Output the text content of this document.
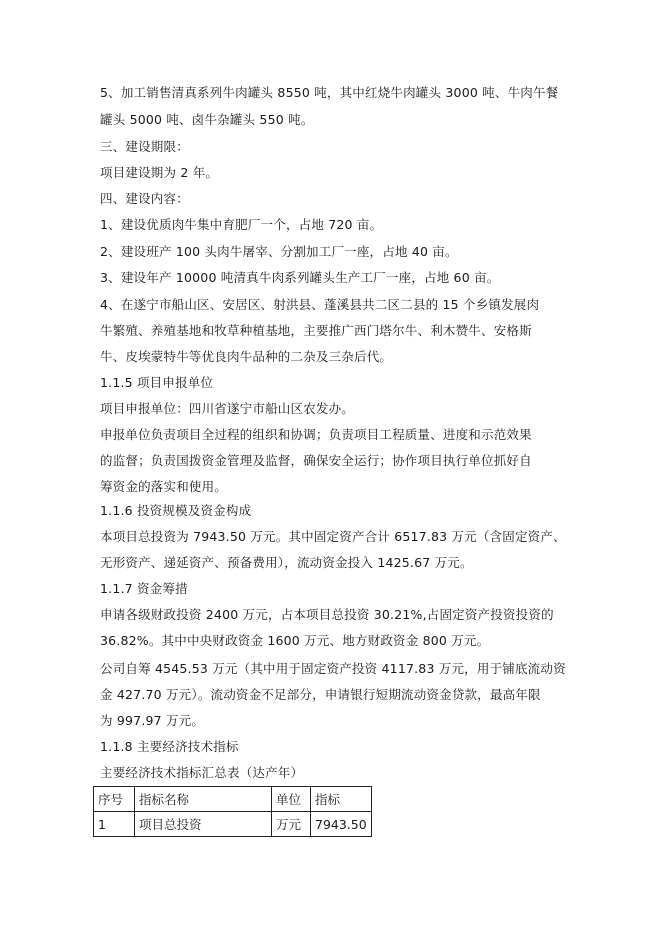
5、加工销售清真系列牛肉罐头 8550 吨，其中红烧牛肉罐头 3000 吨、牛肉午餐
罐头 5000 吨、卤牛杂罐头 550 吨。
三、建设期限：
项目建设期为 2 年。
四、建设内容：
1、建设优质肉牛集中育肥厂一个，占地 720 亩。
2、建设班产 100 头肉牛屠宰、分割加工厂一座，占地 40 亩。
3、建设年产 10000 吨清真牛肉系列罐头生产工厂一座，占地 60 亩。
4、在遂宁市船山区、安居区、射洪县、蓬溪县共二区二县的 15 个乡镇发展肉
牛繁殖、养殖基地和牧草种植基地，主要推广西门塔尔牛、利木赞牛、安格斯
牛、皮埃蒙特牛等优良肉牛品种的二杂及三杂后代。
1.1.5 项目申报单位
项目申报单位：四川省遂宁市船山区农发办。
申报单位负责项目全过程的组织和协调；负责项目工程质量、进度和示范效果
的监督；负责国拨资金管理及监督，确保安全运行；协作项目执行单位抓好自
筹资金的落实和使用。
1.1.6 投资规模及资金构成
本项目总投资为 7943.50 万元。其中固定资产合计 6517.83 万元（含固定资产、
无形资产、递延资产、预备费用），流动资金投入 1425.67 万元。
1.1.7 资金筹措
申请各级财政投资 2400 万元，占本项目总投资 30.21%,占固定资产投资投资的
36.82%。其中中央财政资金 1600 万元、地方财政资金 800 万元。
公司自筹 4545.53 万元（其中用于固定资产投资 4117.83 万元，用于铺底流动资
金 427.70 万元）。流动资金不足部分，申请银行短期流动资金贷款，最高年限
为 997.97 万元。
1.1.8 主要经济技术指标
主要经济技术指标汇总表（达产年）
序号	指标名称	单位	指标
1	项目总投资	万元	7943.50
